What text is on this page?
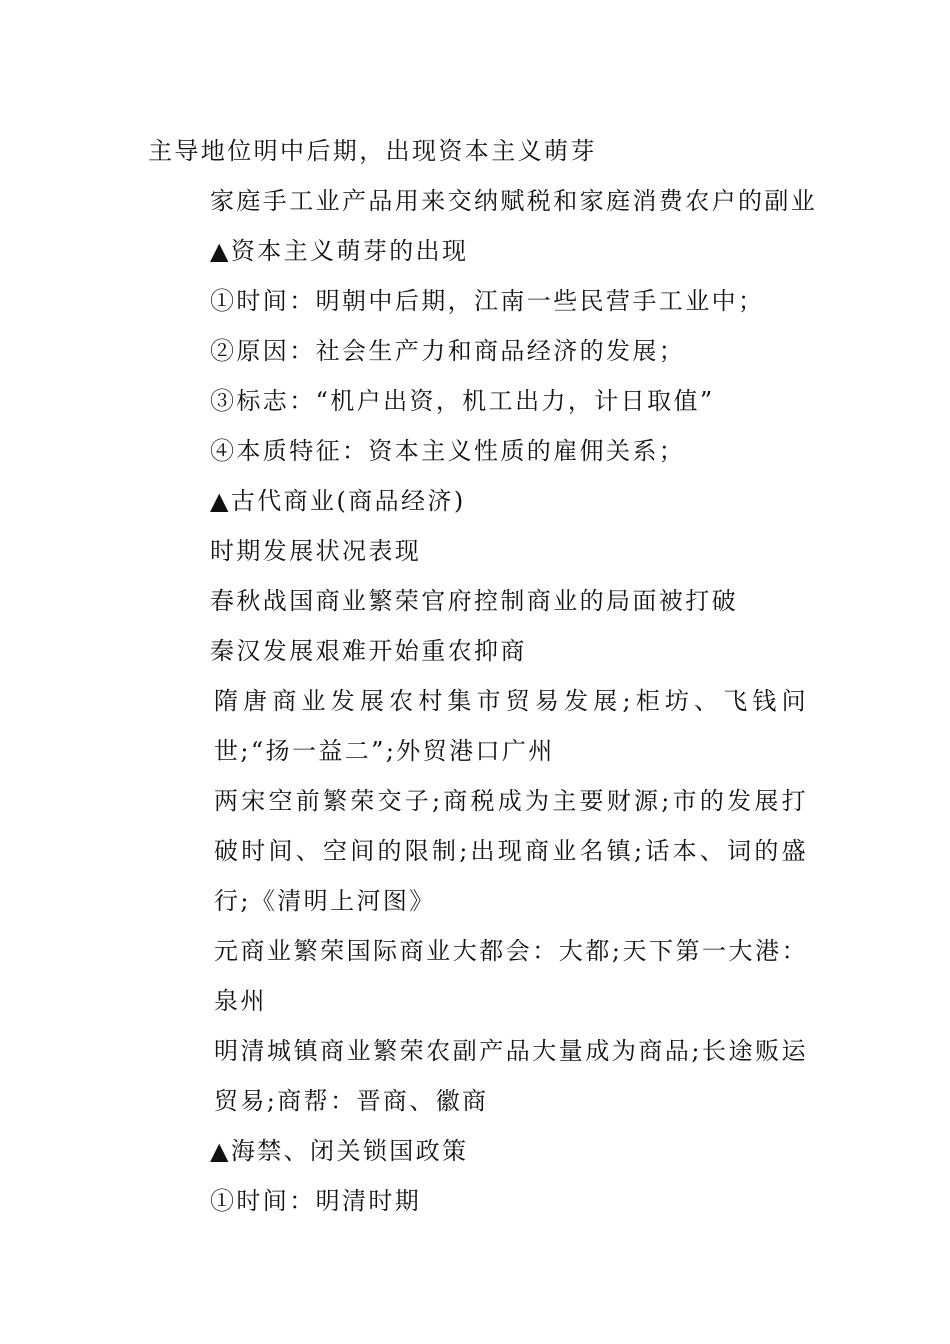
主导地位明中后期，出现资本主义萌芽

家庭手工业产品用来交纳赋税和家庭消费农户的副业

▲资本主义萌芽的出现

①时间：明朝中后期，江南一些民营手工业中；

②原因：社会生产力和商品经济的发展；

③标志：“机户出资，机工出力，计日取值”

④本质特征：资本主义性质的雇佣关系；

▲古代商业(商品经济)

时期发展状况表现

春秋战国商业繁荣官府控制商业的局面被打破

秦汉发展艰难开始重农抑商

隋唐商业发展农村集市贸易发展;柜坊、飞钱问世;“扬一益二”;外贸港口广州

两宋空前繁荣交子;商税成为主要财源;市的发展打破时间、空间的限制;出现商业名镇;话本、词的盛行;《清明上河图》

元商业繁荣国际商业大都会：大都;天下第一大港：泉州

明清城镇商业繁荣农副产品大量成为商品;长途贩运贸易;商帮：晋商、徽商

▲海禁、闭关锁国政策

①时间：明清时期
